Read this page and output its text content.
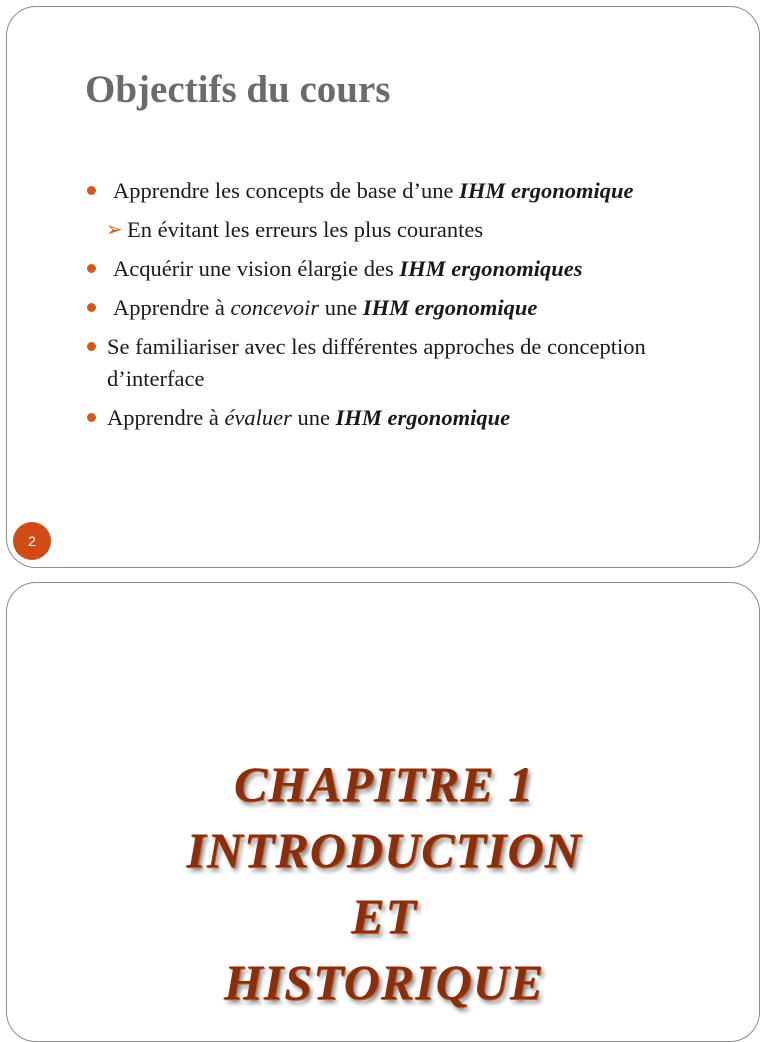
Objectifs du cours
Apprendre les concepts de base d’une IHM ergonomique
➢ En évitant les erreurs les plus courantes
Acquérir une vision élargie des IHM ergonomiques
Apprendre à concevoir une IHM ergonomique
Se familiariser avec les différentes approches de conception d’interface
Apprendre à évaluer une IHM ergonomique
2
CHAPITRE 1
INTRODUCTION
ET
HISTORIQUE
